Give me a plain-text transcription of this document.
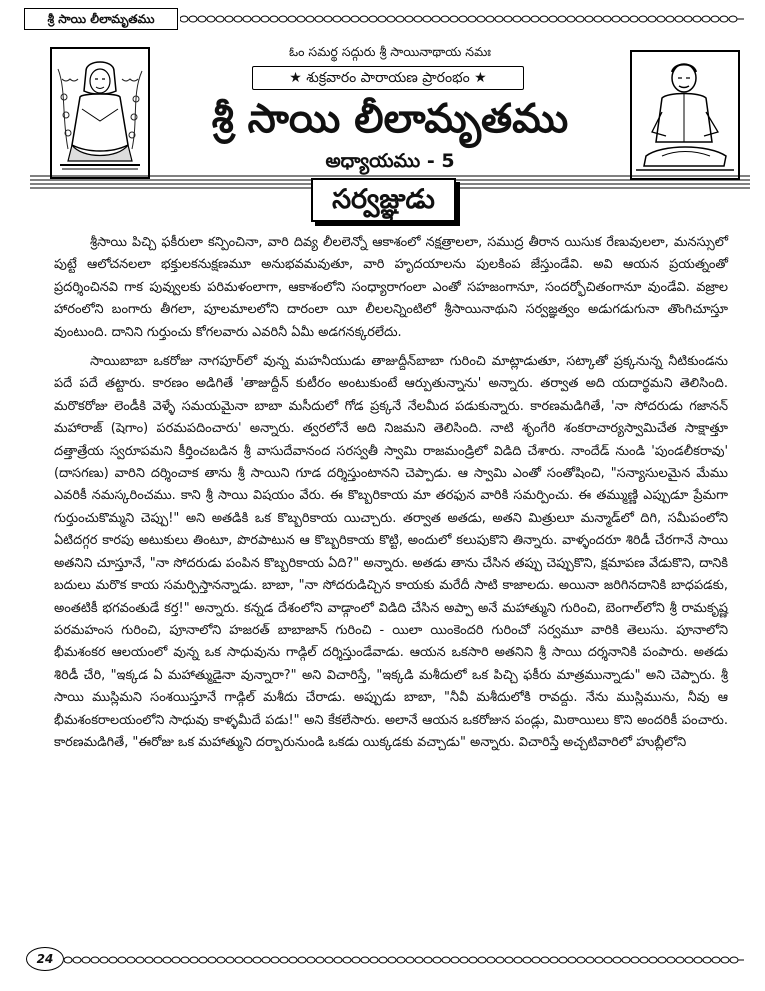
శ్రీ సాయి లీలామృతము
ఓం సమర్థ సద్గురు శ్రీ సాయినాథాయ నమః
★ శుక్రవారం పారాయణ ప్రారంభం ★
శ్రీ సాయి లీలామృతము
అధ్యాయము - 5
సర్వజ్ఞుడు

శ్రీసాయి పిచ్చి ఫకీరులా కన్పించినా, వారి దివ్య లీలలెన్నో ఆకాశంలో నక్షత్రాలలా, సముద్ర తీరాన యిసుక రేణువులలా, మనస్సులో పుట్టే ఆలోచనలలా భక్తులకనుక్షణమూ అనుభవమవుతూ, వారి హృదయాలను పులకింప జేస్తుండేవి. అవి ఆయన ప్రయత్నంతో ప్రదర్శించినవి గాక పువ్వులకు పరిమళంలాగా, ఆకాశంలోని సంధ్యారాగంలా ఎంతో సహజంగానూ, సందర్భోచితంగానూ వుండేవి. వజ్రాల హారంలోని బంగారు తీగలా, పూలమాలలోని దారంలా యీ లీలలన్నింటిలో శ్రీసాయినాథుని సర్వజ్ఞత్వం అడుగడుగునా తొంగిచూస్తూ వుంటుంది. దానిని గుర్తుంచు కోగలవారు ఎవరినీ ఏమీ అడగనక్కరలేదు.

సాయిబాబా ఒకరోజు నాగపూర్‌లో వున్న మహనీయుడు తాజుద్దీన్‌బాబా గురించి మాట్లాడుతూ, సట్కాతో ప్రక్కనున్న నీటికుండను పదే పదే తట్టారు. కారణం అడిగితే 'తాజుద్దీన్ కుటీరం అంటుకుంటే ఆర్పుతున్నాను' అన్నారు. తర్వాత అది యదార్థమని తెలిసింది. మరొకరోజు లెండీకి వెళ్ళే సమయమైనా బాబా మసీదులో గోడ ప్రక్కనే నేలమీద పడుకున్నారు. కారణమడిగితే, 'నా సోదరుడు గజానన్ మహారాజ్ (షెగాం) పరమపదించారు' అన్నారు. త్వరలోనే అది నిజమని తెలిసింది. నాటి శృంగేరి శంకరాచార్యస్వామిచేత సాక్షాత్తూ దత్తాత్రేయ స్వరూపమని కీర్తించబడిన శ్రీ వాసుదేవానంద సరస్వతీ స్వామి రాజమండ్రిలో విడిది చేశారు. నాందేడ్ నుండి 'పుండలీకరావు' (దాసగణు) వారిని దర్శించాక తాను శ్రీ సాయిని గూడ దర్శిస్తుంటానని చెప్పాడు. ఆ స్వామి ఎంతో సంతోషించి, "సన్యాసులమైన మేము ఎవరికీ నమస్కరించము. కాని శ్రీ సాయి విషయం వేరు. ఈ కొబ్బరికాయ మా తరఫున వారికి సమర్పించు. ఈ తమ్ముణ్ణి ఎప్పుడూ ప్రేమగా గుర్తుంచుకొమ్మని చెప్పు!" అని అతడికి ఒక కొబ్బరికాయ యిచ్చారు. తర్వాత అతడు, అతని మిత్రులూ మన్మాడ్‌లో దిగి, సమీపంలోని ఏటిదగ్గర కారపు అటుకులు తింటూ, పొరపాటున ఆ కొబ్బరికాయ కొట్టి, అందులో కలుపుకొని తిన్నారు. వాళ్ళందరూ శిరిడీ చేరగానే సాయి అతనిని చూస్తూనే, "నా సోదరుడు పంపిన కొబ్బరికాయ ఏది?" అన్నారు. అతడు తాను చేసిన తప్పు చెప్పుకొని, క్షమాపణ వేడుకొని, దానికి బదులు మరొక కాయ సమర్పిస్తానన్నాడు. బాబా, "నా సోదరుడిచ్చిన కాయకు మరేదీ సాటి కాజాలదు. అయినా జరిగినదానికి బాధపడకు, అంతటికీ భగవంతుడే కర్త!" అన్నారు. కన్నడ దేశంలోని వాడ్గాంలో విడిది చేసిన అప్పా అనే మహాత్ముని గురించి, బెంగాల్‌లోని శ్రీ రామకృష్ణ పరమహంస గురించి, పూనాలోని హజరత్ బాబాజాన్ గురించి - యిలా యింకెందరి గురించో సర్వమూ వారికి తెలుసు. పూనాలోని భీమశంకర ఆలయంలో వున్న ఒక సాధువును గాడ్గిల్ దర్శిస్తుండేవాడు. ఆయన ఒకసారి అతనిని శ్రీ సాయి దర్శనానికి పంపారు. అతడు శిరిడీ చేరి, "ఇక్కడ ఏ మహాత్ముడైనా వున్నారా?" అని విచారిస్తే, "ఇక్కడి మశీదులో ఒక పిచ్చి ఫకీరు మాత్రమున్నాడు" అని చెప్పారు. శ్రీ సాయి ముస్లిమని సంశయిస్తూనే గాడ్గిల్ మశీదు చేరాడు. అప్పుడు బాబా, "నీవీ మశీదులోకి రావద్దు. నేను ముస్లిమును, నీవు ఆ భీమశంకరాలయంలోని సాధువు కాళ్ళమీదే పడు!" అని కేకలేసారు. అలానే ఆయన ఒకరోజున పండ్లు, మిఠాయిలు కొని అందరికీ పంచారు. కారణమడిగితే, "ఈరోజు ఒక మహాత్ముని దర్బారునుండి ఒకడు యిక్కడకు వచ్చాడు" అన్నారు. విచారిస్తే అచ్చటివారిలో హుబ్లీలోని

24
